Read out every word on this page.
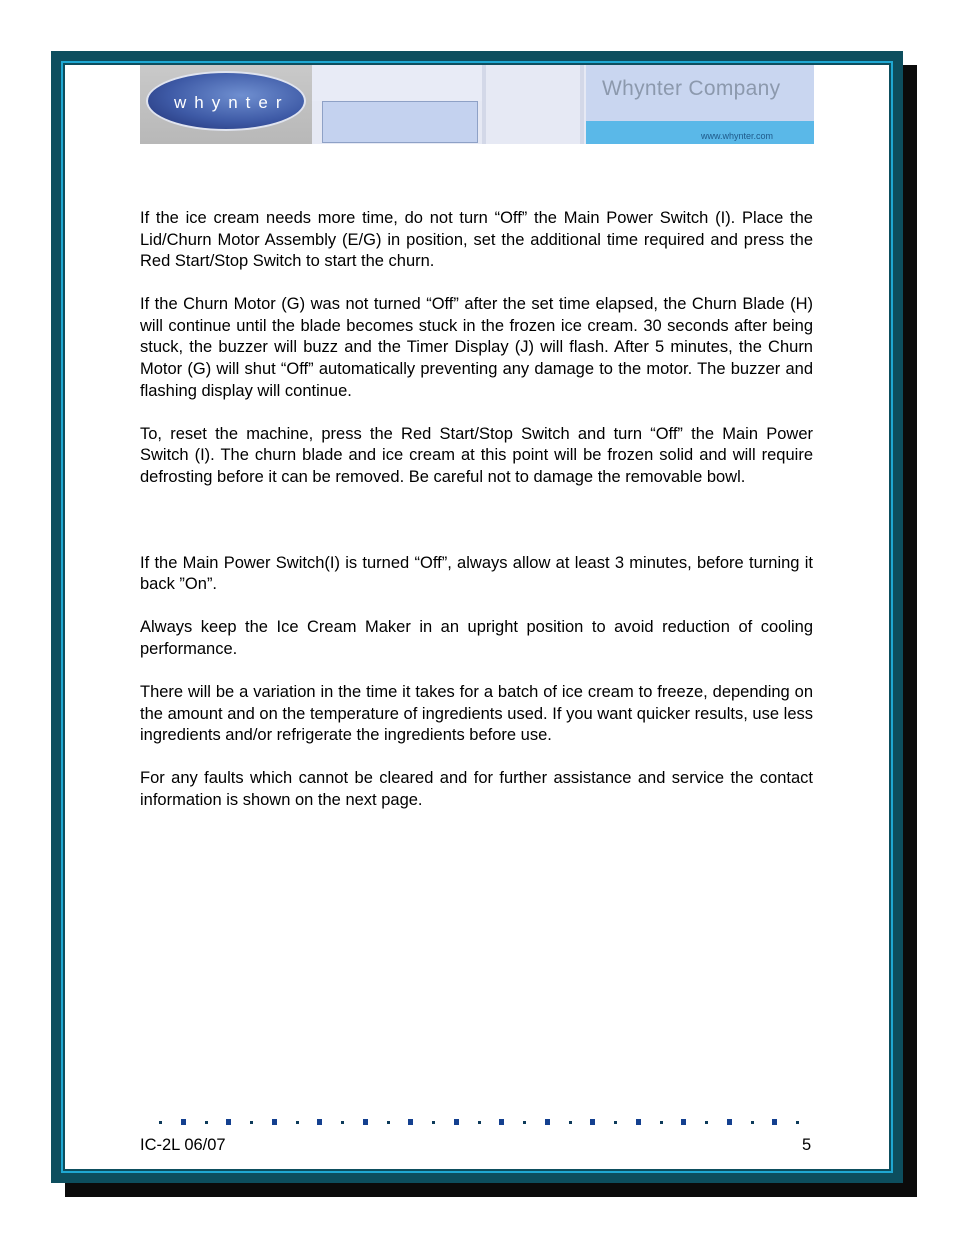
whynter
Whynter Company
www.whynter.com

If the ice cream needs more time, do not turn “Off” the Main Power Switch (I). Place the Lid/Churn Motor Assembly (E/G) in position, set the additional time required and press the Red Start/Stop Switch to start the churn.

If the Churn Motor (G) was not turned “Off” after the set time elapsed, the Churn Blade (H) will continue until the blade becomes stuck in the frozen ice cream. 30 seconds after being stuck, the buzzer will buzz and the Timer Display (J) will flash. After 5 minutes, the Churn Motor (G) will shut “Off” automatically preventing any damage to the motor. The buzzer and flashing display will continue.

To, reset the machine, press the Red Start/Stop Switch and turn “Off” the Main Power Switch (I). The churn blade and ice cream at this point will be frozen solid and will require defrosting before it can be removed. Be careful not to damage the removable bowl.

If the Main Power Switch(I) is turned “Off”, always allow at least 3 minutes, before turning it back ”On”.

Always keep the Ice Cream Maker in an upright position to avoid reduction of cooling performance.

There will be a variation in the time it takes for a batch of ice cream to freeze, depending on the amount and on the temperature of ingredients used. If you want quicker results, use less ingredients and/or refrigerate the ingredients before use.

For any faults which cannot be cleared and for further assistance and service the contact information is shown on the next page.

IC-2L 06/07	5
